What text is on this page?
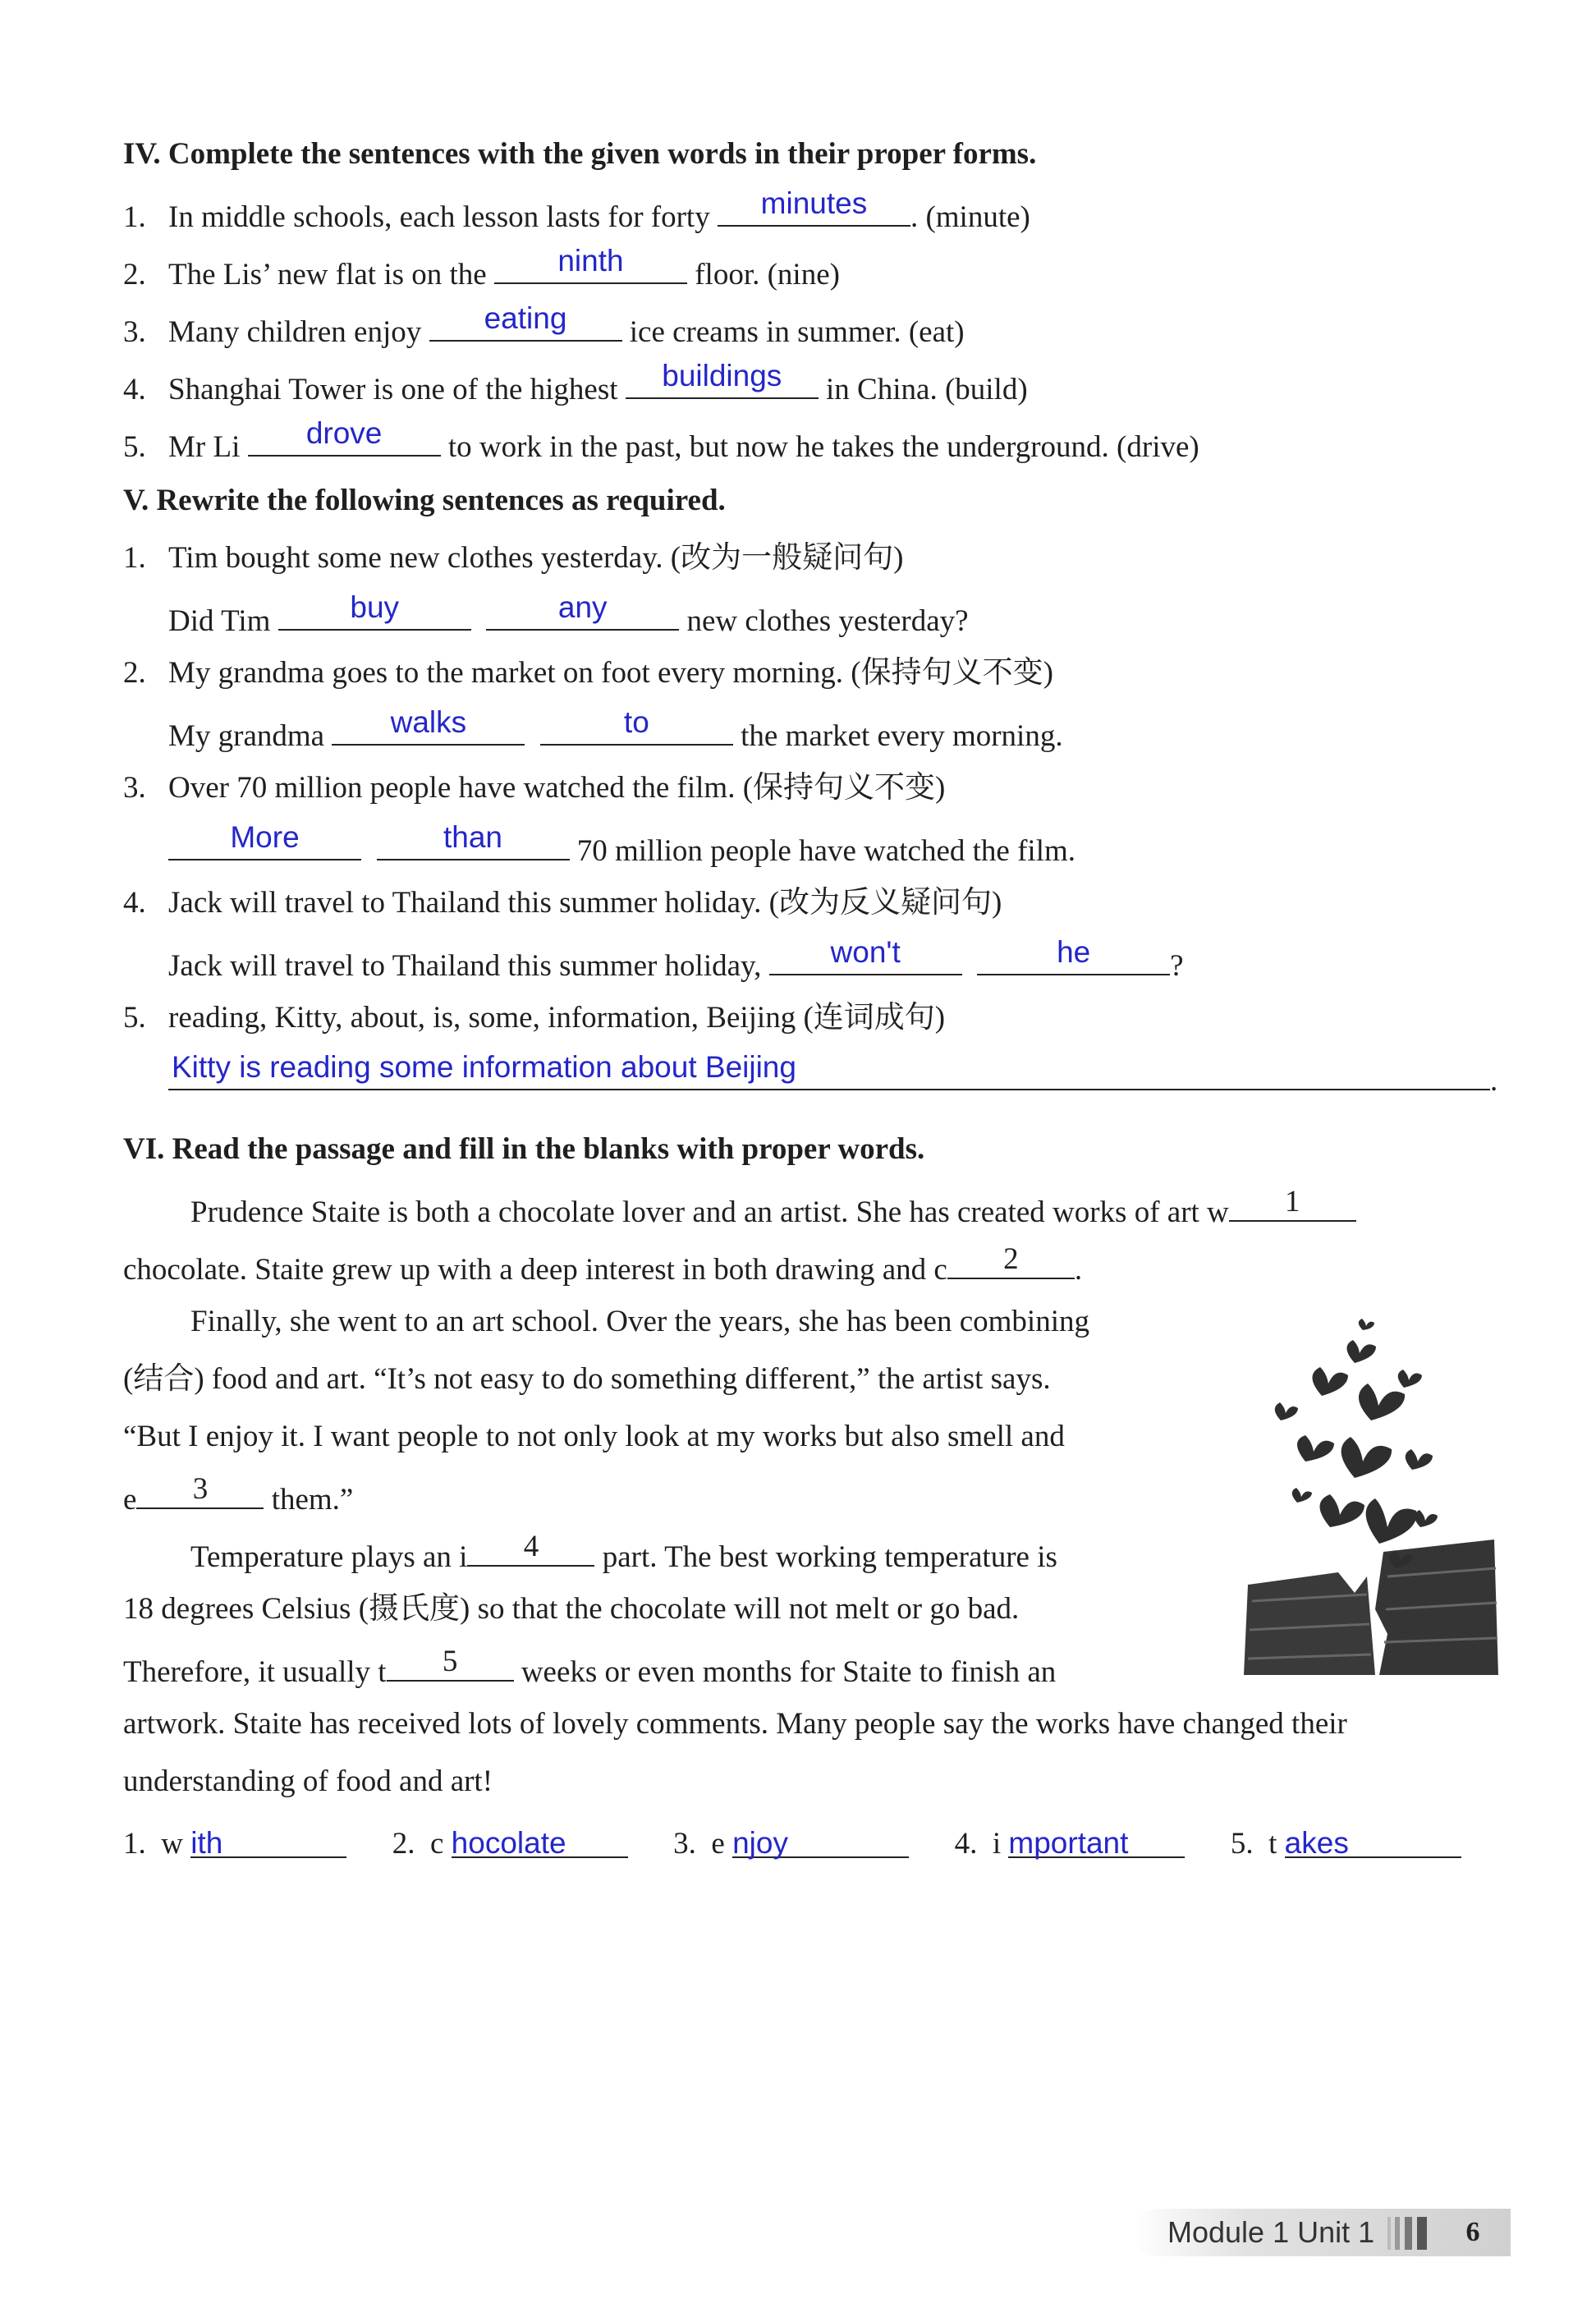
IV. Complete the sentences with the given words in their proper forms.
1. In middle schools, each lesson lasts for forty	minutes	. (minute)
2. The Lis’ new flat is on the	ninth	floor. (nine)
3. Many children enjoy	eating	ice creams in summer. (eat)
4. Shanghai Tower is one of the highest	buildings	in China. (build)
5. Mr Li	drove	to work in the past, but now he takes the underground. (drive)
V. Rewrite the following sentences as required.
1. Tim bought some new clothes yesterday. (改为一般疑问句)
Did Tim	buy
	any	new clothes yesterday?
2. My grandma goes to the market on foot every morning. (保持句义不变)
My grandma	walks
	to	the market every morning.
3. Over 70 million people have watched the film. (保持句义不变)
More
	than	70 million people have watched the film.
4. Jack will travel to Thailand this summer holiday. (改为反义疑问句)
Jack will travel to Thailand this summer holiday,	won't
	he	?
5. reading, Kitty, about, is, some, information, Beijing (连词成句)
Kitty is reading some information about Beijing	.
VI. Read the passage and fill in the blanks with proper words.
Prudence Staite is both a chocolate lover and an artist. She has created works of art w	1
chocolate. Staite grew up with a deep interest in both drawing and c	2	.
Finally, she went to an art school. Over the years, she has been combining
(结合) food and art. “It’s not easy to do something different,” the artist says.
“But I enjoy it. I want people to not only look at my works but also smell and
e	3	them.”
Temperature plays an i	4	part. The best working temperature is
18 degrees Celsius (摄氏度) so that the chocolate will not melt or go bad.
Therefore, it usually t	5	weeks or even months for Staite to finish an
artwork. Staite has received lots of lovely comments. Many people say the works have changed their
understanding of food and art!
1. w ith	2. c hocolate	3. e njoy	4. i mportant	5. t akes
Module 1 Unit 1	6
